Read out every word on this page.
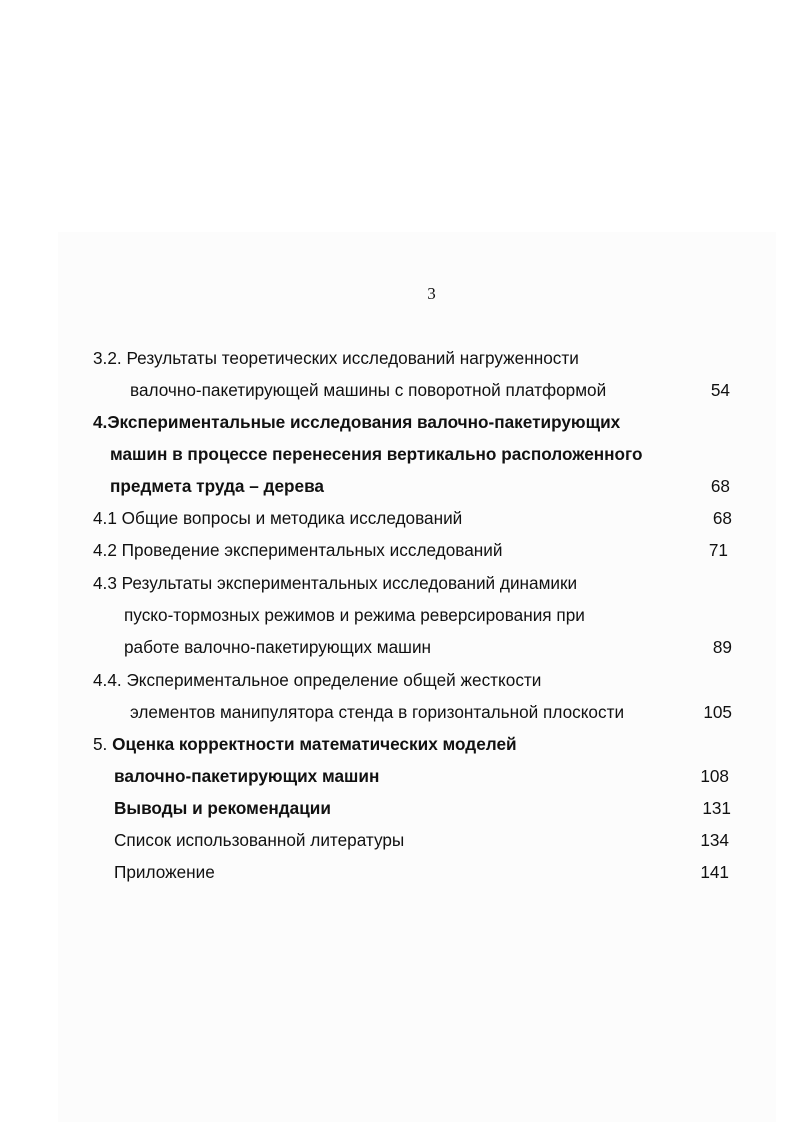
3
3.2. Результаты теоретических исследований нагруженности
валочно-пакетирующей машины с поворотной платформой	54
4.Экспериментальные исследования валочно-пакетирующих
машин в процессе перенесения вертикально расположенного
предмета труда – дерева	68
4.1 Общие вопросы и методика исследований	68
4.2 Проведение экспериментальных исследований	71
4.3 Результаты экспериментальных исследований динамики
пуско-тормозных режимов и режима реверсирования при
работе валочно-пакетирующих машин	89
4.4. Экспериментальное определение общей жесткости
элементов манипулятора стенда в горизонтальной плоскости	105
5. Оценка корректности математических моделей
валочно-пакетирующих машин	108
Выводы и рекомендации	131
Список использованной литературы	134
Приложение	141
